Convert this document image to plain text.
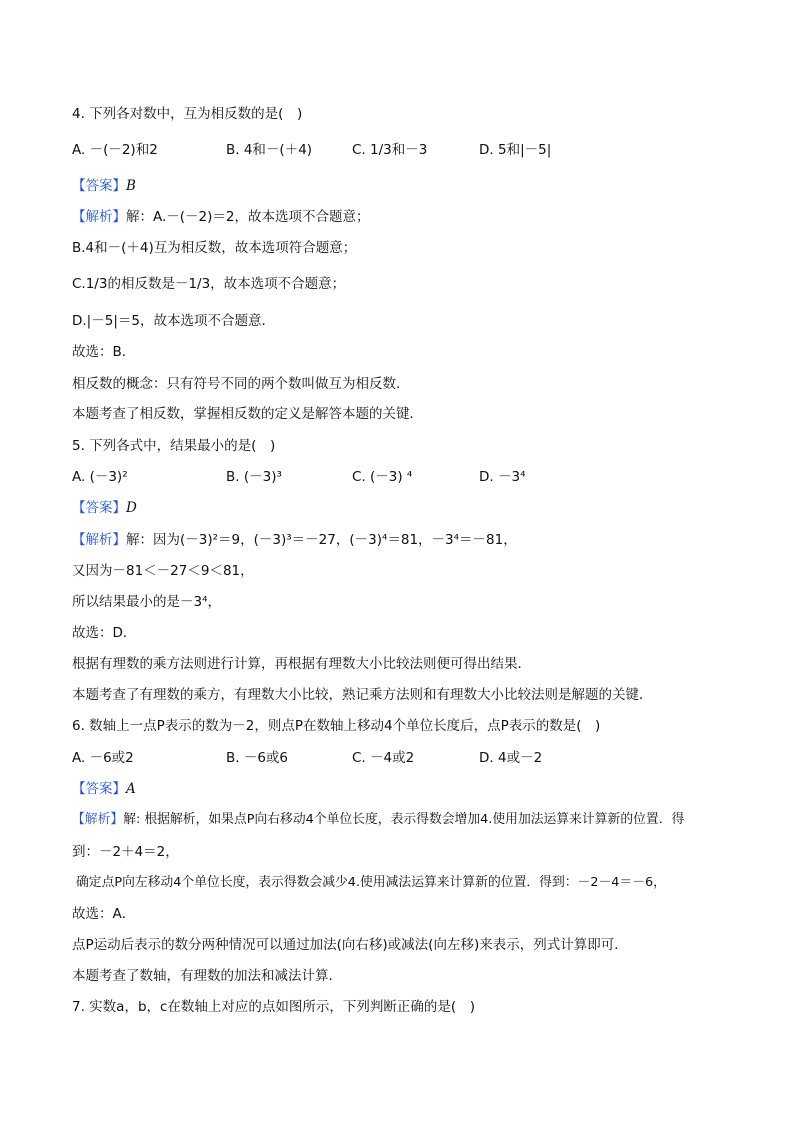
4. 下列各对数中，互为相反数的是(　)
A. －(－2)和2	B. 4和－(＋4)	C. 1/3和－3	D. 5和|－5|
【答案】B
【解析】解：A.－(－2)＝2，故本选项不合题意；
B.4和－(＋4)互为相反数，故本选项符合题意；
C.1/3的相反数是－1/3，故本选项不合题意；
D.|－5|＝5，故本选项不合题意．
故选：B．
相反数的概念：只有符号不同的两个数叫做互为相反数．
本题考查了相反数，掌握相反数的定义是解答本题的关键．
5. 下列各式中，结果最小的是(　)
A. (－3)²	B. (－3)³	C. (－3) ⁴	D. －3⁴
【答案】D
【解析】解：因为(－3)²＝9，(－3)³＝－27，(－3)⁴＝81，－3⁴＝－81，
又因为－81＜－27＜9＜81，
所以结果最小的是－3⁴，
故选：D．
根据有理数的乘方法则进行计算，再根据有理数大小比较法则便可得出结果．
本题考查了有理数的乘方，有理数大小比较，熟记乘方法则和有理数大小比较法则是解题的关键．
6. 数轴上一点P表示的数为－2，则点P在数轴上移动4个单位长度后，点P表示的数是(　)
A. －6或2	B. －6或6	C. －4或2	D. 4或－2
【答案】A
【解析】解: 根据解析，如果点P向右移动4个单位长度，表示得数会增加4.使用加法运算来计算新的位置．得
到：－2＋4＝2，
确定点P向左移动4个单位长度，表示得数会减少4.使用减法运算来计算新的位置．得到：－2－4＝－6，
故选：A．
点P运动后表示的数分两种情况可以通过加法(向右移)或减法(向左移)来表示，列式计算即可．
本题考查了数轴，有理数的加法和减法计算．
7. 实数a，b，c在数轴上对应的点如图所示，下列判断正确的是(　)
